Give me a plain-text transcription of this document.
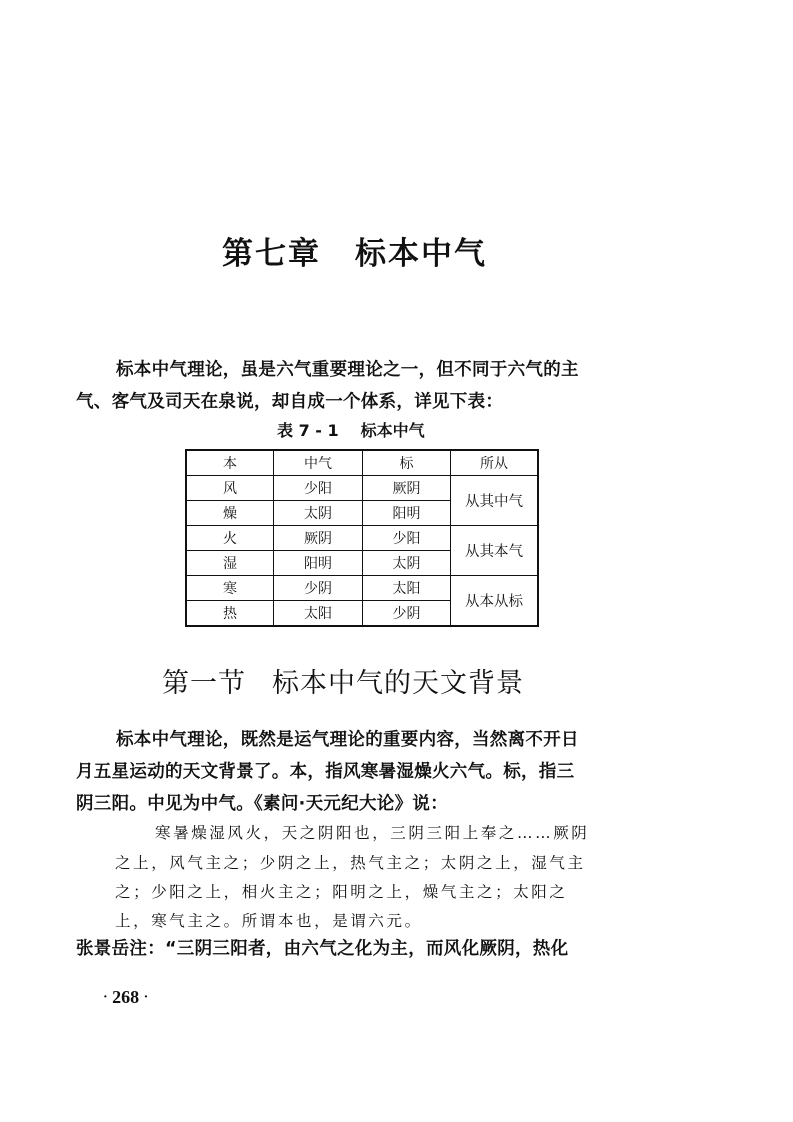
第七章 标本中气
标本中气理论，虽是六气重要理论之一，但不同于六气的主
气、客气及司天在泉说，却自成一个体系，详见下表：
表 7 - 1 标本中气
本	中气	标	所从
风	少阳	厥阴	从其中气
燥	太阴	阳明	
火	厥阴	少阳	从其本气
湿	阳明	太阴	
寒	少阴	太阳	从本从标
热	太阳	少阴	
第一节 标本中气的天文背景
标本中气理论，既然是运气理论的重要内容，当然离不开日
月五星运动的天文背景了。本，指风寒暑湿燥火六气。标，指三
阴三阳。中见为中气。《素问·天元纪大论》说：
寒暑燥湿风火，天之阴阳也，三阴三阳上奉之……厥阴
之上，风气主之；少阴之上，热气主之；太阴之上，湿气主
之；少阳之上，相火主之；阳明之上，燥气主之；太阳之
上，寒气主之。所谓本也，是谓六元。
张景岳注：“三阴三阳者，由六气之化为主，而风化厥阴，热化
· 268 ·
